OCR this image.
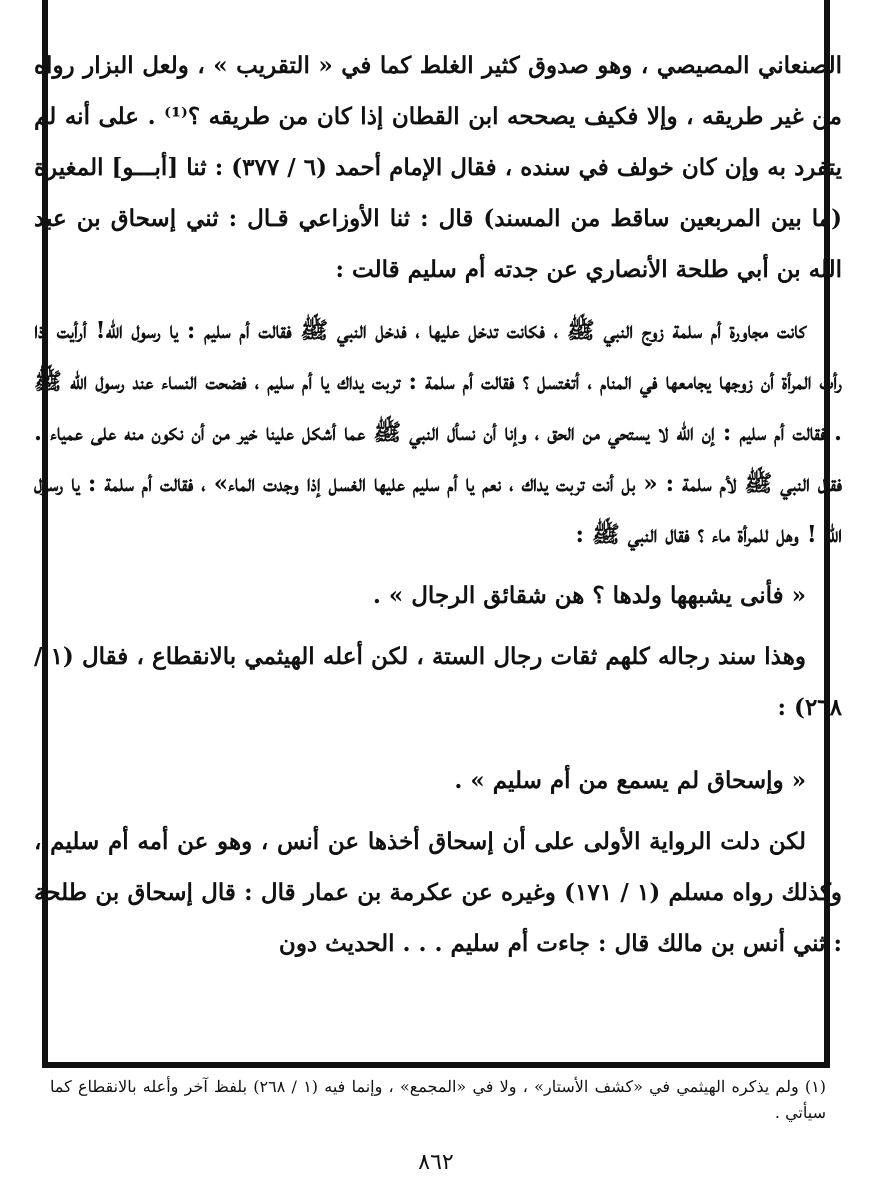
الصنعاني المصيصي ، وهو صدوق كثير الغلط كما في « التقريب » ، ولعل البزار رواه من غير طريقه ، وإلا فكيف يصححه ابن القطان إذا كان من طريقه ؟⁽¹⁾ . على أنه لم يتفرد به وإن كان خولف في سنده ، فقال الإمام أحمد (٦ / ٣٧٧) : ثنا [أبـــو] المغيرة (ما بين المربعين ساقط من المسند) قال : ثنا الأوزاعي قـال : ثني إسحاق بن عبد الله بن أبي طلحة الأنصاري عن جدته أم سليم قالت :

كانت مجاورة أم سلمة زوج النبي ﷺ ، فكانت تدخل عليها ، فدخل النبي ﷺ فقالت أم سليم : يا رسول الله! أرأيت إذا رأت المرأة أن زوجها يجامعها في المنام ، أتغتسل ؟ فقالت أم سلمة : تربت يداك يا أم سليم ، فضحت النساء عند رسول الله ﷺ . فقالت أم سليم : إن الله لا يستحي من الحق ، وإنا أن نسأل النبي ﷺ عما أشكل علينا خير من أن نكون منه على عمياء . فقال النبي ﷺ لأم سلمة : « بل أنت تربت يداك ، نعم يا أم سليم عليها الغسل إذا وجدت الماء» ، فقالت أم سلمة : يا رسول الله ! وهل للمرأة ماء ؟ فقال النبي ﷺ :

« فأنى يشبهها ولدها ؟ هن شقائق الرجال » .

وهذا سند رجاله كلهم ثقات رجال الستة ، لكن أعله الهيثمي بالانقطاع ، فقال (١ / ٢٦٨) :

« وإسحاق لم يسمع من أم سليم » .

لكن دلت الرواية الأولى على أن إسحاق أخذها عن أنس ، وهو عن أمه أم سليم ، وكذلك رواه مسلم (١ / ١٧١) وغيره عن عكرمة بن عمار قال : قال إسحاق بن طلحة : ثني أنس بن مالك قال : جاءت أم سليم . . . الحديث دون

(١) ولم يذكره الهيثمي في «كشف الأستار» ، ولا في «المجمع» ، وإنما فيه (١ / ٢٦٨) بلفظ آخر وأعله بالانقطاع كما سيأتي .

٨٦٢
